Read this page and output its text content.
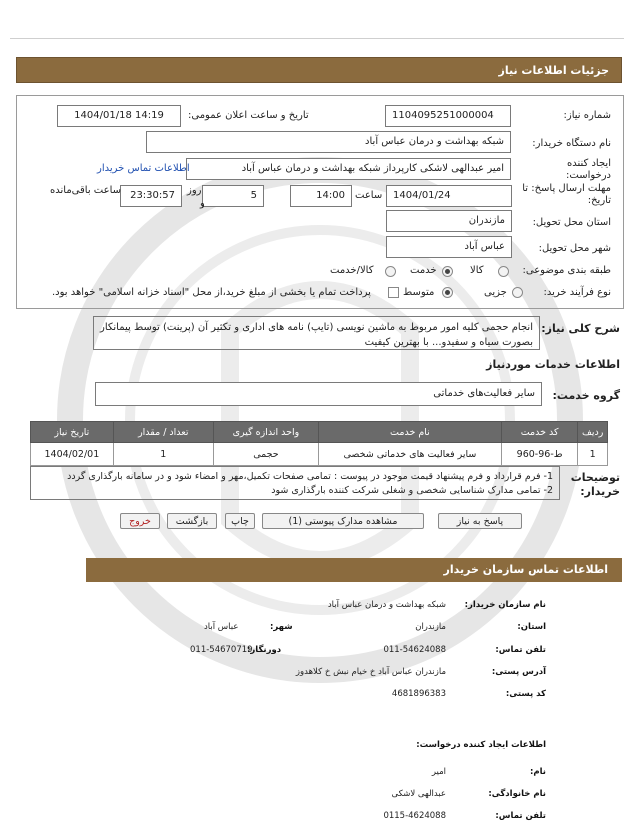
جزئیات اطلاعات نیاز
شماره نیاز:
1104095251000004
تاریخ و ساعت اعلان عمومی:
1404/01/18 14:19
نام دستگاه خریدار:
شبکه بهداشت و درمان عباس آباد
ایجاد کننده
درخواست:
امیر عبدالهی لاشکی کارپرداز شبکه بهداشت و درمان عباس آباد
اطلاعات تماس خریدار
مهلت ارسال پاسخ: تا
تاریخ:
1404/01/24
ساعت
14:00
5
روز
و
23:30:57
ساعت باقی‌مانده
استان محل تحویل:
مازندران
شهر محل تحویل:
عباس آباد
طبقه بندی موضوعی:
کالا
خدمت
کالا/خدمت
نوع فرآیند خرید:
جزیی
متوسط
پرداخت تمام یا بخشی از مبلغ خرید،از محل "اسناد خزانه اسلامی" خواهد بود.
شرح کلی نیاز:
انجام حجمی کلیه امور مربوط به ماشین نویسی (تایپ) نامه های اداری و تکثیر آن (پرینت) توسط پیمانکار بصورت سیاه و سفیدو... با بهترین کیفیت
اطلاعات خدمات موردنیاز
گروه خدمت:
سایر فعالیت‌های خدماتی
ردیف	کد خدمت	نام خدمت	واحد اندازه گیری	تعداد / مقدار	تاریخ نیاز
1	ط-96-960	سایر فعالیت های خدماتی شخصی	حجمی	1	1404/02/01
توضیحات
خریدار:
1- فرم قرارداد و فرم پیشنهاد قیمت موجود در پیوست : تمامی صفحات تکمیل،مهر و امضاء شود و در سامانه بارگذاری گردد
2- تمامی مدارک شناسایی شخصی و شغلی شرکت کننده بارگذاری شود
پاسخ به نیاز
مشاهده مدارک پیوستی (1)
چاپ
بازگشت
خروج
اطلاعات تماس سازمان خریدار
نام سازمان خریدار:
شبکه بهداشت و درمان عباس آباد
استان:
مازندران
شهر:
عباس آباد
تلفن تماس:
011-54624088
دورنگار:
011-54670719
آدرس پستی:
مازندران عباس آباد خ خیام نبش خ کلاهدوز
کد پستی:
4681896383
اطلاعات ایجاد کننده درخواست:
نام:
امیر
نام خانوادگی:
عبدالهی لاشکی
تلفن تماس:
0115-4624088
